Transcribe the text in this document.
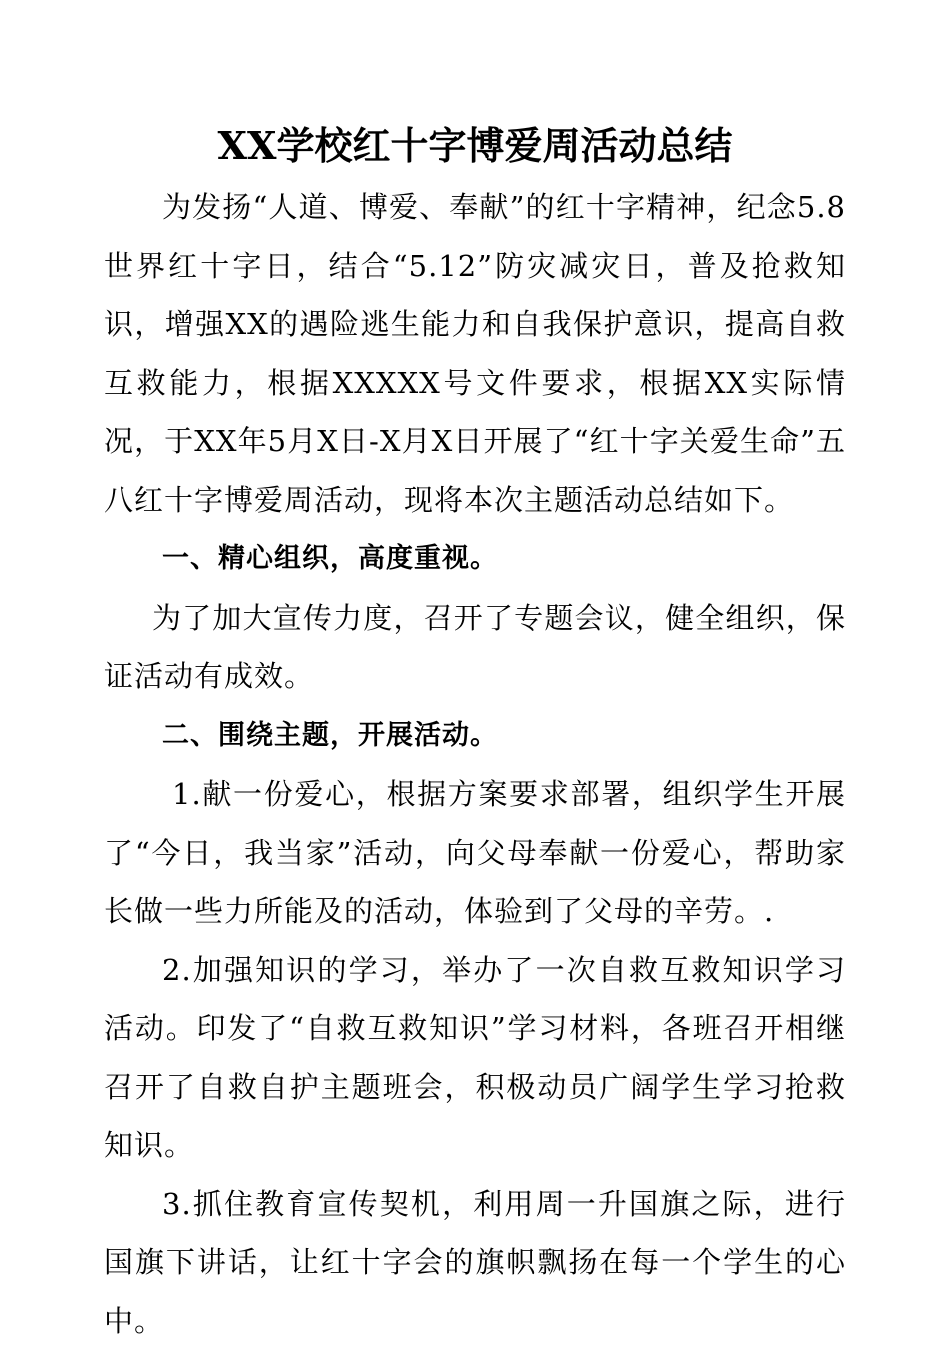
XX学校红十字博爱周活动总结

为发扬“人道、博爱、奉献”的红十字精神，纪念5.8世界红十字日，结合“5.12”防灾减灾日，普及抢救知识，增强XX的遇险逃生能力和自我保护意识，提高自救互救能力，根据XXXXX号文件要求，根据XX实际情况，于XX年5月X日-X月X日开展了“红十字关爱生命”五八红十字博爱周活动，现将本次主题活动总结如下。

一、精心组织，高度重视。

为了加大宣传力度，召开了专题会议，健全组织，保证活动有成效。

二、围绕主题，开展活动。

1.献一份爱心，根据方案要求部署，组织学生开展了“今日，我当家”活动，向父母奉献一份爱心，帮助家长做一些力所能及的活动，体验到了父母的辛劳。.

2.加强知识的学习，举办了一次自救互救知识学习活动。印发了“自救互救知识”学习材料，各班召开相继召开了自救自护主题班会，积极动员广阔学生学习抢救知识。

3.抓住教育宣传契机，利用周一升国旗之际，进行国旗下讲话，让红十字会的旗帜飘扬在每一个学生的心中。
